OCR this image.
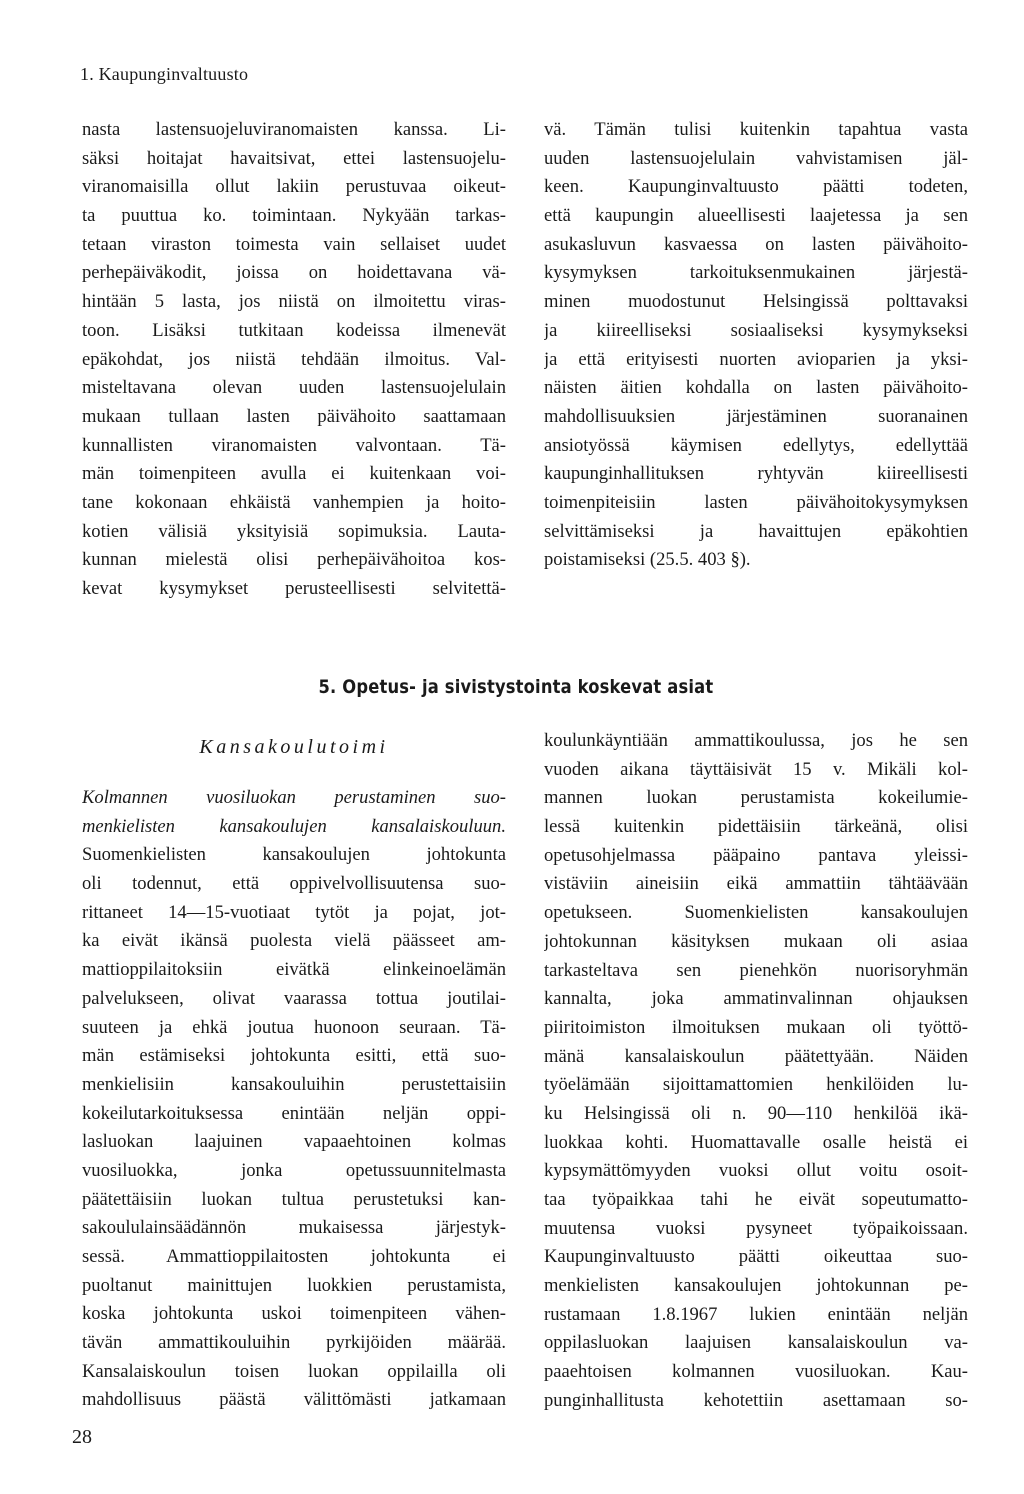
1. Kaupunginvaltuusto
nasta lastensuojeluviranomaisten kanssa. Li-
säksi hoitajat havaitsivat, ettei lastensuojelu-
viranomaisilla ollut lakiin perustuvaa oikeut-
ta puuttua ko. toimintaan. Nykyään tarkas-
tetaan viraston toimesta vain sellaiset uudet
perhepäiväkodit, joissa on hoidettavana vä-
hintään 5 lasta, jos niistä on ilmoitettu viras-
toon. Lisäksi tutkitaan kodeissa ilmenevät
epäkohdat, jos niistä tehdään ilmoitus. Val-
misteltavana olevan uuden lastensuojelulain
mukaan tullaan lasten päivähoito saattamaan
kunnallisten viranomaisten valvontaan. Tä-
män toimenpiteen avulla ei kuitenkaan voi-
tane kokonaan ehkäistä vanhempien ja hoito-
kotien välisiä yksityisiä sopimuksia. Lauta-
kunnan mielestä olisi perhepäivähoitoa kos-
kevat kysymykset perusteellisesti selvitettä-
vä. Tämän tulisi kuitenkin tapahtua vasta
uuden lastensuojelulain vahvistamisen jäl-
keen. Kaupunginvaltuusto päätti todeten,
että kaupungin alueellisesti laajetessa ja sen
asukasluvun kasvaessa on lasten päivähoito-
kysymyksen tarkoituksenmukainen järjestä-
minen muodostunut Helsingissä polttavaksi
ja kiireelliseksi sosiaaliseksi kysymykseksi
ja että erityisesti nuorten avioparien ja yksi-
näisten äitien kohdalla on lasten päivähoito-
mahdollisuuksien järjestäminen suoranainen
ansiotyössä käymisen edellytys, edellyttää
kaupunginhallituksen ryhtyvän kiireellisesti
toimenpiteisiin lasten päivähoitokysymyksen
selvittämiseksi ja havaittujen epäkohtien
poistamiseksi (25.5. 403 §).
5. Opetus- ja sivistystointa koskevat asiat
Kansakoulutoimi
Kolmannen vuosiluokan perustaminen suo-
menkielisten kansakoulujen kansalaiskouluun.
Suomenkielisten kansakoulujen johtokunta
oli todennut, että oppivelvollisuutensa suo-
rittaneet 14—15-vuotiaat tytöt ja pojat, jot-
ka eivät ikänsä puolesta vielä päässeet am-
mattioppilaitoksiin eivätkä elinkeinoelämän
palvelukseen, olivat vaarassa tottua joutilai-
suuteen ja ehkä joutua huonoon seuraan. Tä-
män estämiseksi johtokunta esitti, että suo-
menkielisiin kansakouluihin perustettaisiin
kokeilutarkoituksessa enintään neljän oppi-
lasluokan laajuinen vapaaehtoinen kolmas
vuosiluokka, jonka opetussuunnitelmasta
päätettäisiin luokan tultua perustetuksi kan-
sakoululainsäädännön mukaisessa järjestyk-
sessä. Ammattioppilaitosten johtokunta ei
puoltanut mainittujen luokkien perustamista,
koska johtokunta uskoi toimenpiteen vähen-
tävän ammattikouluihin pyrkijöiden määrää.
Kansalaiskoulun toisen luokan oppilailla oli
mahdollisuus päästä välittömästi jatkamaan
koulunkäyntiään ammattikoulussa, jos he sen
vuoden aikana täyttäisivät 15 v. Mikäli kol-
mannen luokan perustamista kokeilumie-
lessä kuitenkin pidettäisiin tärkeänä, olisi
opetusohjelmassa pääpaino pantava yleissi-
vistäviin aineisiin eikä ammattiin tähtäävään
opetukseen. Suomenkielisten kansakoulujen
johtokunnan käsityksen mukaan oli asiaa
tarkasteltava sen pienehkön nuorisoryhmän
kannalta, joka ammatinvalinnan ohjauksen
piiritoimiston ilmoituksen mukaan oli työttö-
mänä kansalaiskoulun päätettyään. Näiden
työelämään sijoittamattomien henkilöiden lu-
ku Helsingissä oli n. 90—110 henkilöä ikä-
luokkaa kohti. Huomattavalle osalle heistä ei
kypsymättömyyden vuoksi ollut voitu osoit-
taa työpaikkaa tahi he eivät sopeutumatto-
muutensa vuoksi pysyneet työpaikoissaan.
Kaupunginvaltuusto päätti oikeuttaa suo-
menkielisten kansakoulujen johtokunnan pe-
rustamaan 1.8.1967 lukien enintään neljän
oppilasluokan laajuisen kansalaiskoulun va-
paaehtoisen kolmannen vuosiluokan. Kau-
punginhallitusta kehotettiin asettamaan so-
28
